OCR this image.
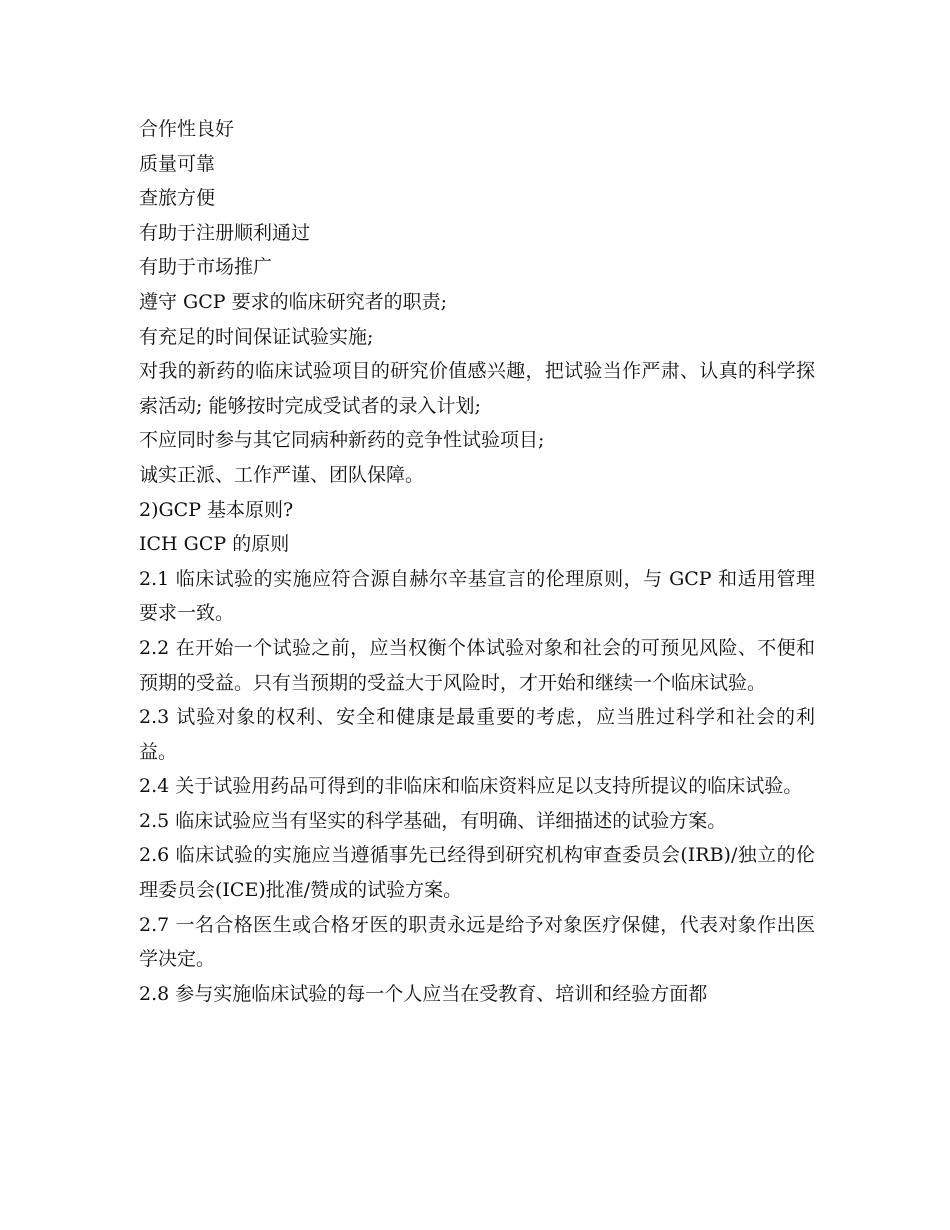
合作性良好

质量可靠

查旅方便

有助于注册顺利通过

有助于市场推广

遵守 GCP 要求的临床研究者的职责;

有充足的时间保证试验实施;

对我的新药的临床试验项目的研究价值感兴趣，把试验当作严肃、认真的科学探索活动; 能够按时完成受试者的录入计划;

不应同时参与其它同病种新药的竞争性试验项目;

诚实正派、工作严谨、团队保障。

2)GCP 基本原则?

ICH GCP 的原则

2.1 临床试验的实施应符合源自赫尔辛基宣言的伦理原则，与 GCP 和适用管理要求一致。

2.2 在开始一个试验之前，应当权衡个体试验对象和社会的可预见风险、不便和预期的受益。只有当预期的受益大于风险时，才开始和继续一个临床试验。

2.3 试验对象的权利、安全和健康是最重要的考虑，应当胜过科学和社会的利益。

2.4 关于试验用药品可得到的非临床和临床资料应足以支持所提议的临床试验。

2.5 临床试验应当有坚实的科学基础，有明确、详细描述的试验方案。

2.6 临床试验的实施应当遵循事先已经得到研究机构审查委员会(IRB)/独立的伦理委员会(ICE)批准/赞成的试验方案。

2.7 一名合格医生或合格牙医的职责永远是给予对象医疗保健，代表对象作出医学决定。

2.8 参与实施临床试验的每一个人应当在受教育、培训和经验方面都
